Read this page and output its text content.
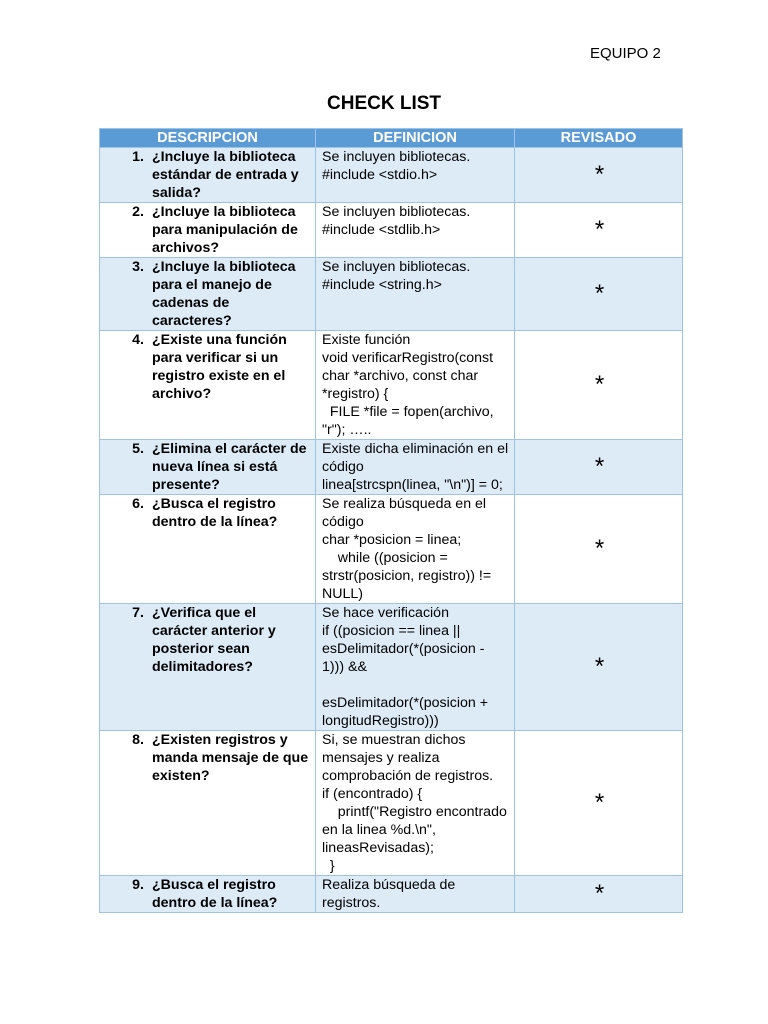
EQUIPO 2
CHECK LIST
DESCRIPCION	DEFINICION	REVISADO

1. ¿Incluye la biblioteca estándar de entrada y salida?	Se incluyen bibliotecas.
#include <stdio.h>	*

2. ¿Incluye la biblioteca para manipulación de archivos?	Se incluyen bibliotecas.
#include <stdlib.h>	*

3. ¿Incluye la biblioteca para el manejo de cadenas de caracteres?	Se incluyen bibliotecas.
#include <string.h>	*

4. ¿Existe una función para verificar si un registro existe en el archivo?	Existe función
void verificarRegistro(const char *archivo, const char *registro) {
FILE *file = fopen(archivo, "r"); …..	*

5. ¿Elimina el carácter de nueva línea si está presente?	Existe dicha eliminación en el código
linea[strcspn(linea, "\n")] = 0;	*

6. ¿Busca el registro dentro de la línea?	Se realiza búsqueda en el código
char *posicion = linea;
while ((posicion = strstr(posicion, registro)) != NULL)	*

7. ¿Verifica que el carácter anterior y posterior sean delimitadores?	Se hace verificación
if ((posicion == linea || esDelimitador(*(posicion - 1))) &&

esDelimitador(*(posicion + longitudRegistro)))	*

8. ¿Existen registros y manda mensaje de que existen?	Si, se muestran dichos mensajes y realiza comprobación de registros.
if (encontrado) {
printf("Registro encontrado en la linea %d.\n", lineasRevisadas);
}	*

9. ¿Busca el registro dentro de la línea?	Realiza búsqueda de registros.	*
